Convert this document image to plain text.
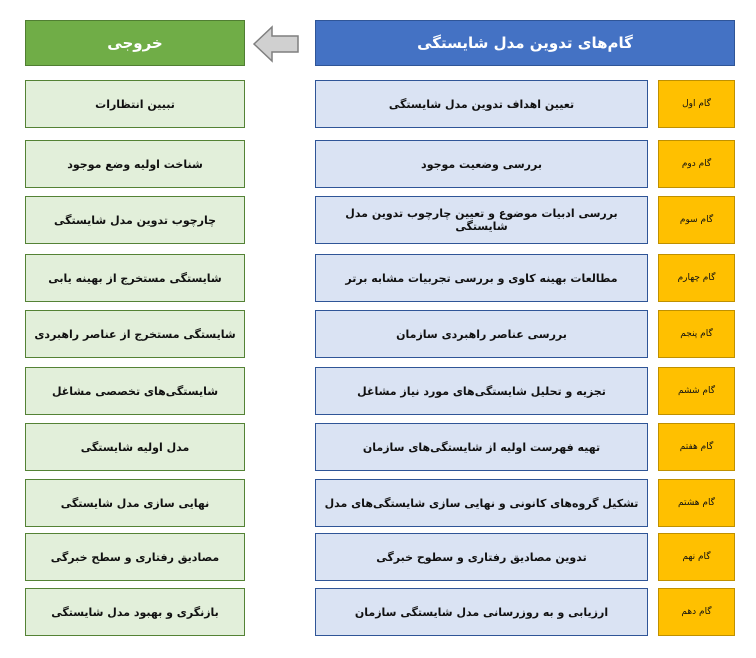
گام‌های تدوین مدل شایستگی
خروجی
گام اول
تعیین اهداف تدوین مدل شایستگی
تبیین انتظارات
گام دوم
بررسی وضعیت موجود
شناخت اولیه وضع موجود
گام سوم
بررسی ادبیات موضوع و تعیین چارچوب تدوین مدل شایستگی
چارچوب تدوین مدل شایستگی
گام چهارم
مطالعات بهینه کاوی و بررسی تجربیات مشابه برتر
شایستگی مستخرج از بهینه یابی
گام پنجم
بررسی عناصر راهبردی سازمان
شایستگی مستخرج از عناصر راهبردی
گام ششم
تجزیه و تحلیل شایستگی‌های مورد نیاز مشاغل
شایستگی‌های تخصصی مشاغل
گام هفتم
تهیه فهرست اولیه از شایستگی‌های سازمان
مدل اولیه شایستگی
گام هشتم
تشکیل گروه‌های کانونی و نهایی سازی شایستگی‌های مدل
نهایی سازی مدل شایستگی
گام نهم
تدوین مصادیق رفتاری و سطوح خبرگی
مصادیق رفتاری و سطح خبرگی
گام دهم
ارزیابی و به روزرسانی مدل شایستگی سازمان
بازنگری و بهبود مدل شایستگی
